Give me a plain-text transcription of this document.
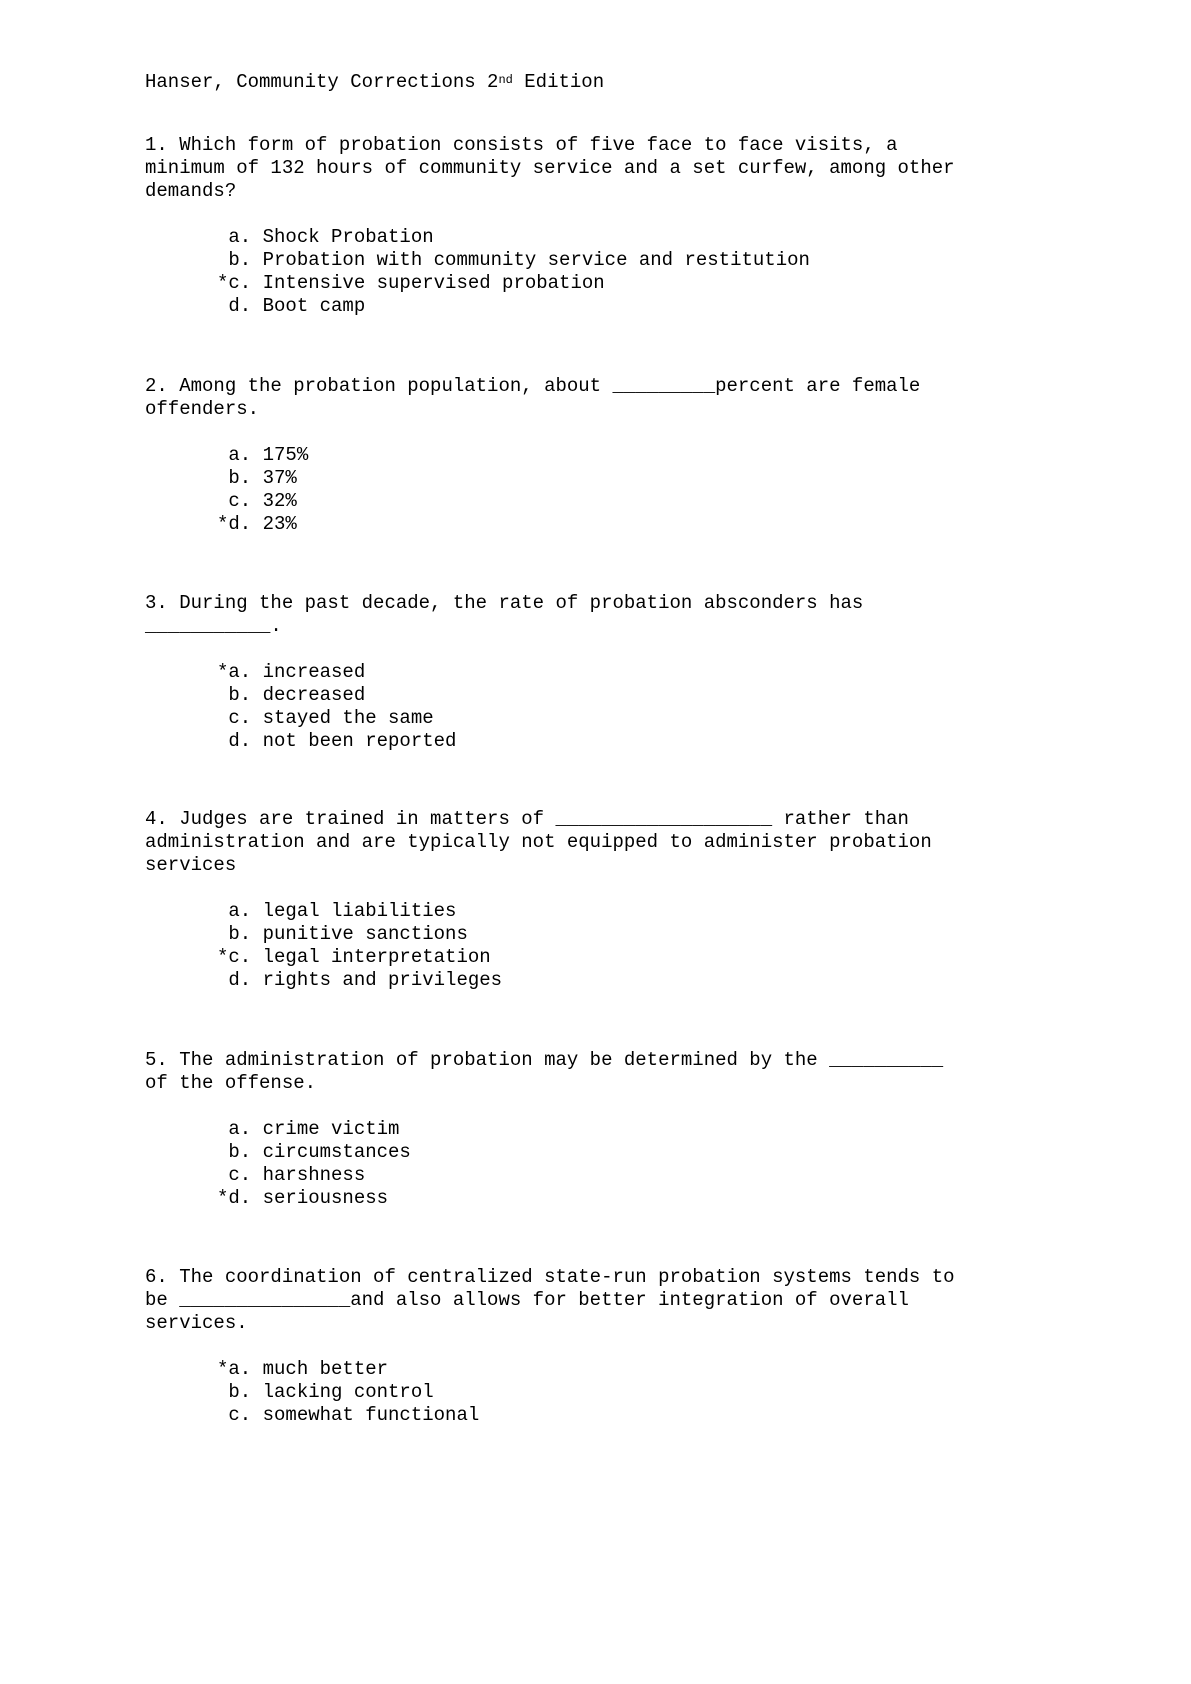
Hanser, Community Corrections 2nd Edition

1. Which form of probation consists of five face to face visits, a
minimum of 132 hours of community service and a set curfew, among other
demands?

a. Shock Probation
b. Probation with community service and restitution
*c. Intensive supervised probation
d. Boot camp

2. Among the probation population, about _________percent are female
offenders.

a. 175%
b. 37%
c. 32%
*d. 23%

3. During the past decade, the rate of probation absconders has
___________.

*a. increased
b. decreased
c. stayed the same
d. not been reported

4. Judges are trained in matters of ___________________ rather than
administration and are typically not equipped to administer probation
services

a. legal liabilities
b. punitive sanctions
*c. legal interpretation
d. rights and privileges

5. The administration of probation may be determined by the __________
of the offense.

a. crime victim
b. circumstances
c. harshness
*d. seriousness

6. The coordination of centralized state-run probation systems tends to
be _______________and also allows for better integration of overall
services.

*a. much better
b. lacking control
c. somewhat functional
